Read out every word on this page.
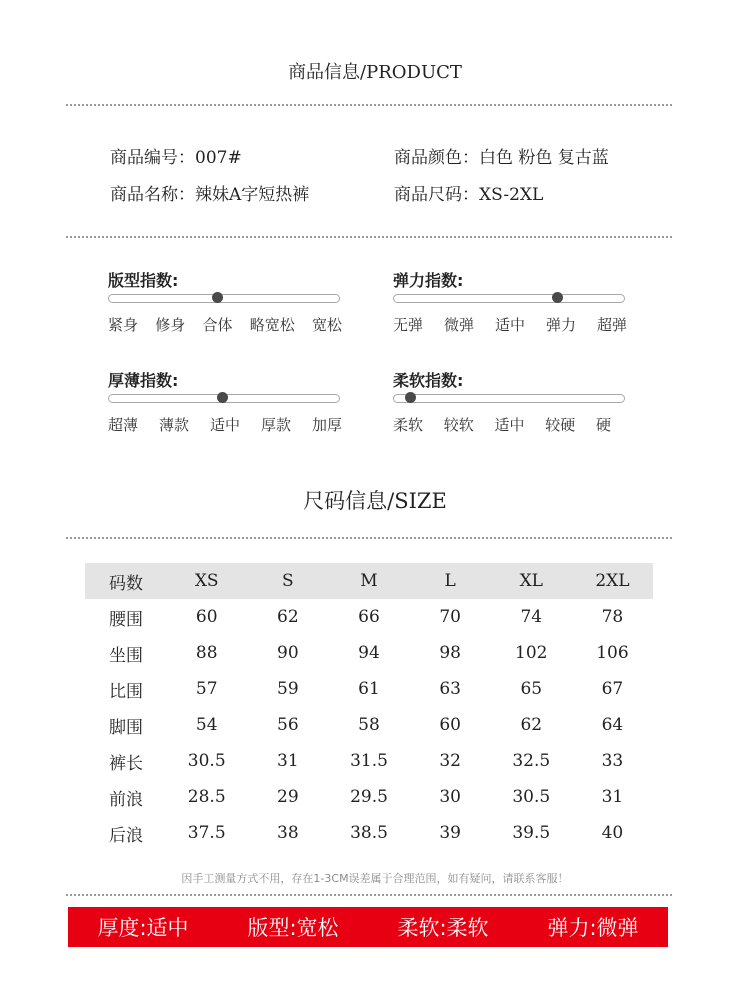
商品信息/PRODUCT
商品编号：007#	商品颜色：白色 粉色 复古蓝
商品名称：辣妹A字短热裤	商品尺码：XS-2XL
版型指数:
紧身 修身 合体 略宽松 宽松
弹力指数:
无弹 微弹 适中 弹力 超弹
厚薄指数:
超薄 薄款 适中 厚款 加厚
柔软指数:
柔软 较软 适中 较硬 硬
尺码信息/SIZE
码数	XS	S	M	L	XL	2XL
腰围	60	62	66	70	74	78
坐围	88	90	94	98	102	106
比围	57	59	61	63	65	67
脚围	54	56	58	60	62	64
裤长	30.5	31	31.5	32	32.5	33
前浪	28.5	29	29.5	30	30.5	31
后浪	37.5	38	38.5	39	39.5	40
因手工测量方式不用，存在1-3CM误差属于合理范围，如有疑问，请联系客服！
厚度:适中	版型:宽松	柔软:柔软	弹力:微弹
